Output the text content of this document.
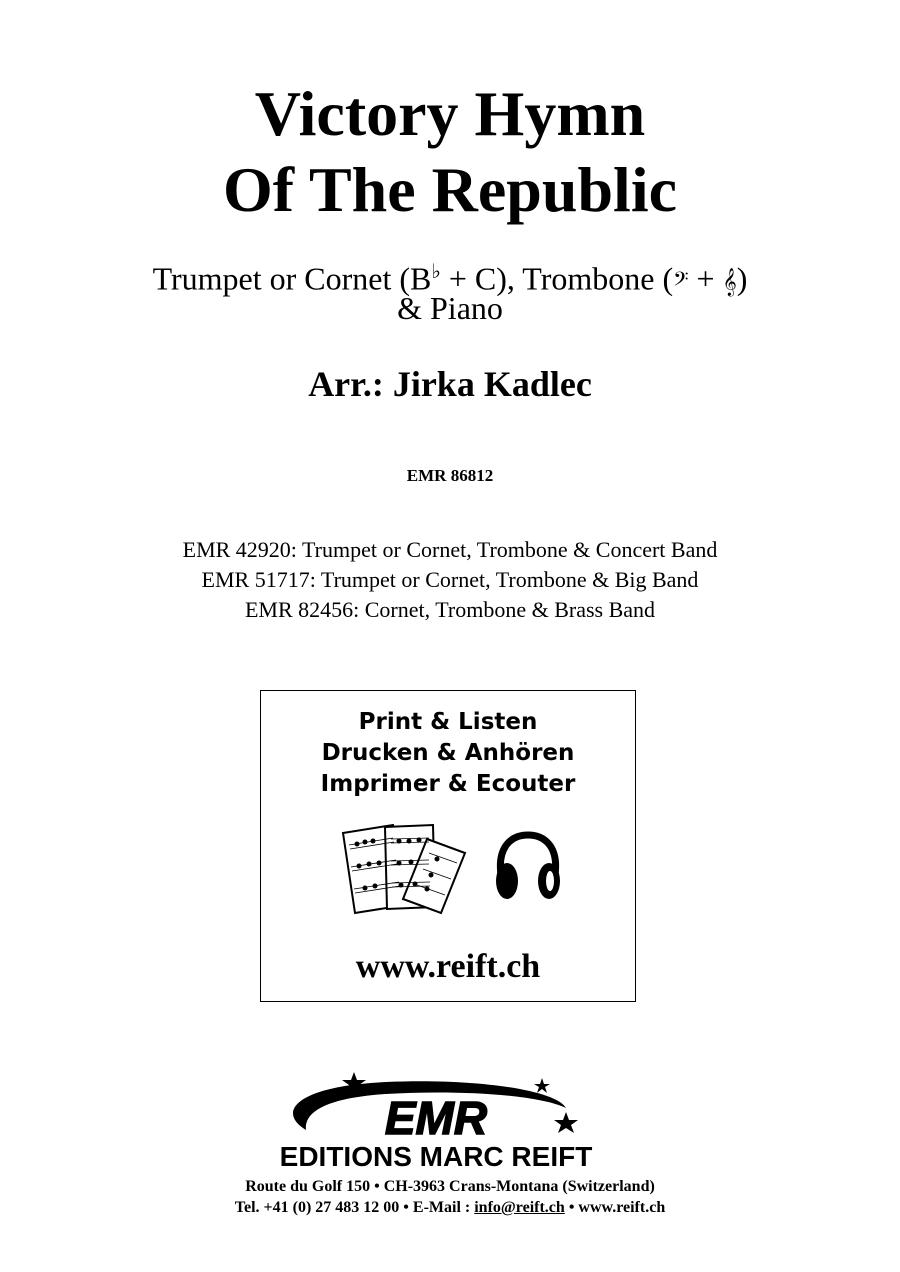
Victory Hymn
Of The Republic
Trumpet or Cornet (B♭ + C), Trombone (𝄢 + 𝄞)
& Piano
Arr.: Jirka Kadlec
EMR 86812
EMR 42920: Trumpet or Cornet, Trombone & Concert Band
EMR 51717: Trumpet or Cornet, Trombone & Big Band
EMR 82456: Cornet, Trombone & Brass Band
Print & Listen
Drucken & Anhören
Imprimer & Ecouter
www.reift.ch
EMR
EDITIONS MARC REIFT
Route du Golf 150 • CH-3963 Crans-Montana (Switzerland)
Tel. +41 (0) 27 483 12 00 • E-Mail : info@reift.ch • www.reift.ch
